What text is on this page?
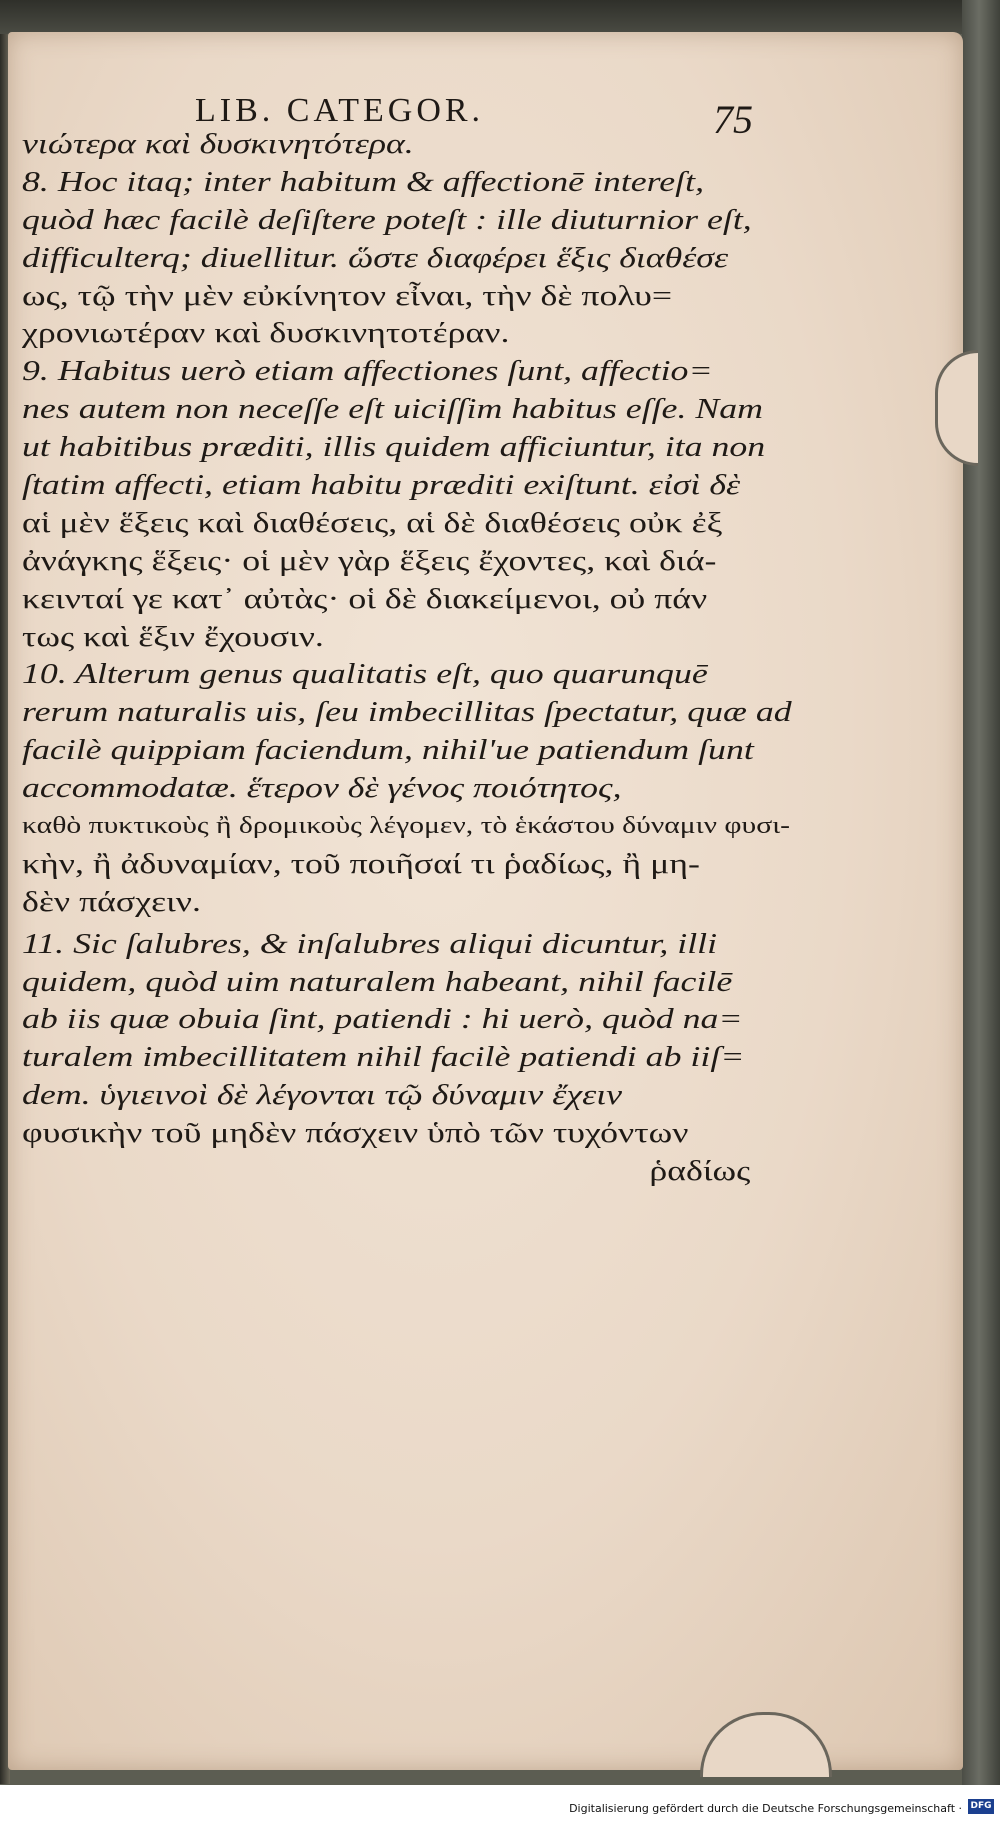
LIB. CATEGOR.	75
νιώτερα καὶ δυσκινητότερα.
8. Hoc itaq; inter habitum & affectionē intereſt,
quòd hæc facilè deſiſtere poteſt : ille diuturnior eſt,
difficulterq; diuellitur. ὥστε διαφέρει ἕξις διαθέσε
ως, τῷ τὴν μὲν εὐκίνητον εἶναι, τὴν δὲ πολυ=
χρονιωτέραν καὶ δυσκινητοτέραν.
9. Habitus uerò etiam affectiones ſunt, affectio=
nes autem non neceſſe eſt uiciſſim habitus eſſe. Nam
ut habitibus præditi, illis quidem afficiuntur, ita non
ſtatim affecti, etiam habitu præditi exiſtunt. εἰσὶ δὲ
αἱ μὲν ἕξεις καὶ διαθέσεις, αἱ δὲ διαθέσεις οὐκ ἐξ
ἀνάγκης ἕξεις· οἱ μὲν γὰρ ἕξεις ἔχοντες, καὶ διά-
κεινταί γε κατ᾽ αὐτὰς· οἱ δὲ διακείμενοι, οὐ πάν
τως καὶ ἕξιν ἔχουσιν.
10. Alterum genus qualitatis eſt, quo quarunquē
rerum naturalis uis, ſeu imbecillitas ſpectatur, quæ ad
facilè quippiam faciendum, nihil'ue patiendum ſunt
accommodatæ. ἕτερον δὲ γένος ποιότητος,
καθὸ πυκτικοὺς ἢ δρομικοὺς λέγομεν, τὸ ἑκάστου δύναμιν φυσι-
κὴν, ἢ ἀδυναμίαν, τοῦ ποιῆσαί τι ῥαδίως, ἢ μη-
δὲν πάσχειν.
11. Sic ſalubres, & inſalubres aliqui dicuntur, illi
quidem, quòd uim naturalem habeant, nihil facilē
ab iis quæ obuia ſint, patiendi : hi uerò, quòd na=
turalem imbecillitatem nihil facilè patiendi ab iiſ=
dem. ὑγιεινοὶ δὲ λέγονται τῷ δύναμιν ἔχειν
φυσικὴν τοῦ μηδὲν πάσχειν ὑπὸ τῶν τυχόντων
ῥαδίως
Digitalisierung gefördert durch die Deutsche Forschungsgemeinschaft · DFG
